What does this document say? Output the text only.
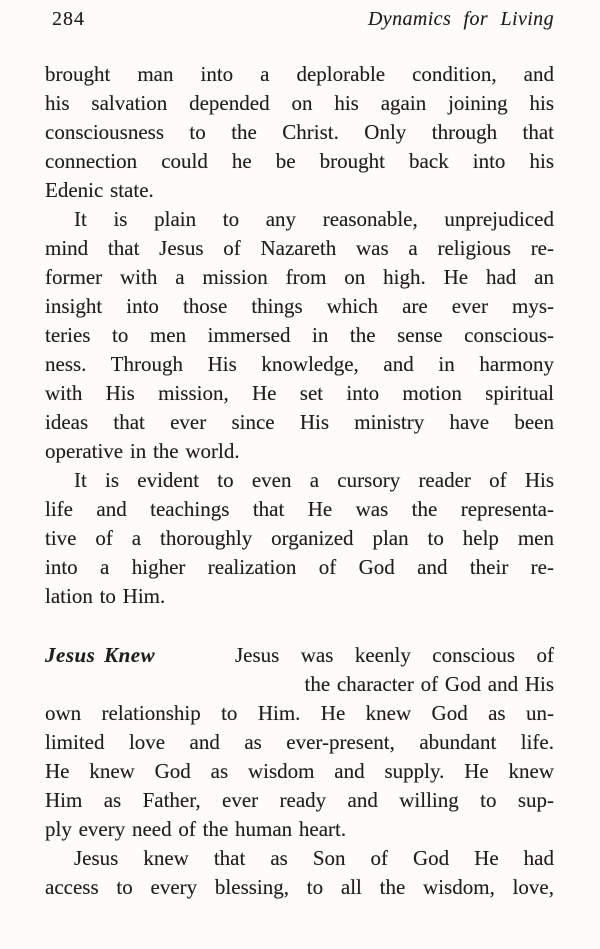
284	Dynamics for Living
brought man into a deplorable condition, and
his salvation depended on his again joining his
consciousness to the Christ. Only through that
connection could he be brought back into his
Edenic state.
It is plain to any reasonable, unprejudiced
mind that Jesus of Nazareth was a religious re-
former with a mission from on high. He had an
insight into those things which are ever mys-
teries to men immersed in the sense conscious-
ness. Through His knowledge, and in harmony
with His mission, He set into motion spiritual
ideas that ever since His ministry have been
operative in the world.
It is evident to even a cursory reader of His
life and teachings that He was the representa-
tive of a thoroughly organized plan to help men
into a higher realization of God and their re-
lation to Him.
Jesus Knew	Jesus was keenly conscious of
the character of God and His
own relationship to Him. He knew God as un-
limited love and as ever-present, abundant life.
He knew God as wisdom and supply. He knew
Him as Father, ever ready and willing to sup-
ply every need of the human heart.
Jesus knew that as Son of God He had
access to every blessing, to all the wisdom, love,
